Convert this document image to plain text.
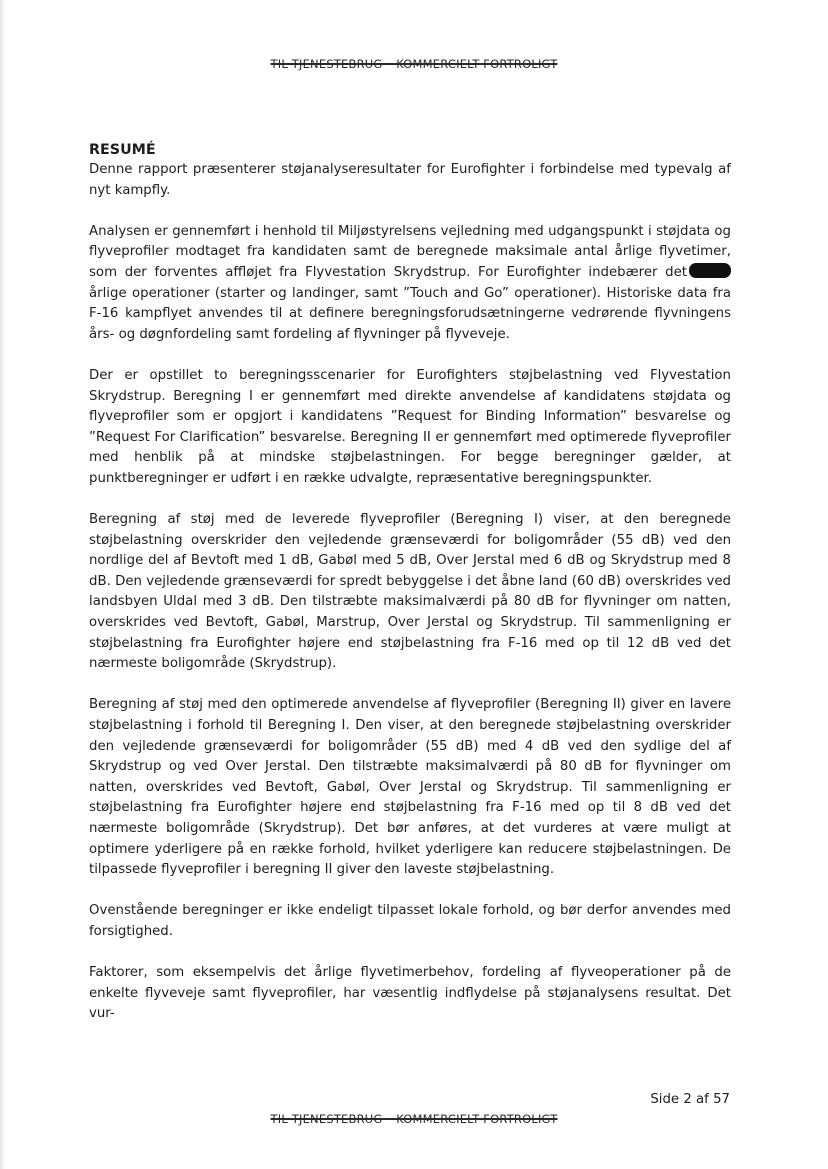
TIL TJENESTEBRUG – KOMMERCIELT FORTROLIGT
RESUMÉ

Denne rapport præsenterer støjanalyseresultater for Eurofighter i forbindelse med typevalg af nyt kampfly.

Analysen er gennemført i henhold til Miljøstyrelsens vejledning med udgangspunkt i støjdata og flyveprofiler modtaget fra kandidaten samt de beregnede maksimale antal årlige flyvetimer, som der forventes affløjet fra Flyvestation Skrydstrup. For Eurofighter indebærer det årlige operationer (starter og landinger, samt ”Touch and Go” operationer). Historiske data fra F-16 kampflyet anvendes til at definere beregningsforudsætningerne vedrørende flyvningens års- og døgnfordeling samt fordeling af flyvninger på flyveveje.

Der er opstillet to beregningsscenarier for Eurofighters støjbelastning ved Flyvestation Skrydstrup. Beregning I er gennemført med direkte anvendelse af kandidatens støjdata og flyveprofiler som er opgjort i kandidatens ”Request for Binding Information” besvarelse og ”Request For Clarification” besvarelse. Beregning II er gennemført med optimerede flyveprofiler med henblik på at mindske støjbelastningen. For begge beregninger gælder, at punktberegninger er udført i en række udvalgte, repræsentative beregningspunkter.

Beregning af støj med de leverede flyveprofiler (Beregning I) viser, at den beregnede støjbelastning overskrider den vejledende grænseværdi for boligområder (55 dB) ved den nordlige del af Bevtoft med 1 dB, Gabøl med 5 dB, Over Jerstal med 6 dB og Skrydstrup med 8 dB. Den vejledende grænseværdi for spredt bebyggelse i det åbne land (60 dB) overskrides ved landsbyen Uldal med 3 dB. Den tilstræbte maksimalværdi på 80 dB for flyvninger om natten, overskrides ved Bevtoft, Gabøl, Marstrup, Over Jerstal og Skrydstrup. Til sammenligning er støjbelastning fra Eurofighter højere end støjbelastning fra F-16 med op til 12 dB ved det nærmeste boligområde (Skrydstrup).

Beregning af støj med den optimerede anvendelse af flyveprofiler (Beregning II) giver en lavere støjbelastning i forhold til Beregning I. Den viser, at den beregnede støjbelastning overskrider den vejledende grænseværdi for boligområder (55 dB) med 4 dB ved den sydlige del af Skrydstrup og ved Over Jerstal. Den tilstræbte maksimalværdi på 80 dB for flyvninger om natten, overskrides ved Bevtoft, Gabøl, Over Jerstal og Skrydstrup. Til sammenligning er støjbelastning fra Eurofighter højere end støjbelastning fra F-16 med op til 8 dB ved det nærmeste boligområde (Skrydstrup). Det bør anføres, at det vurderes at være muligt at optimere yderligere på en række forhold, hvilket yderligere kan reducere støjbelastningen. De tilpassede flyveprofiler i beregning II giver den laveste støjbelastning.

Ovenstående beregninger er ikke endeligt tilpasset lokale forhold, og bør derfor anvendes med forsigtighed.

Faktorer, som eksempelvis det årlige flyvetimerbehov, fordeling af flyveoperationer på de enkelte flyveveje samt flyveprofiler, har væsentlig indflydelse på støjanalysens resultat. Det vur-

Side 2 af 57
TIL TJENESTEBRUG – KOMMERCIELT FORTROLIGT
